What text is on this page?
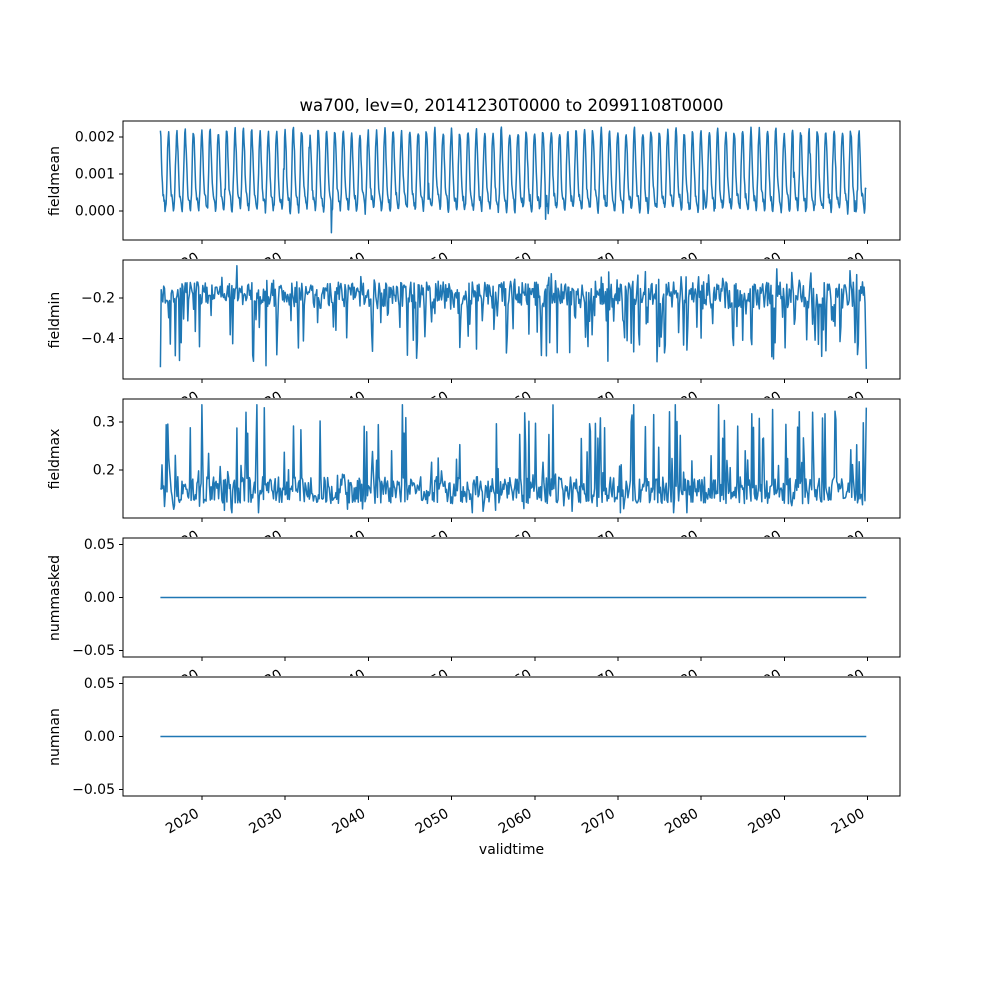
wa700, lev=0, 20141230T0000 to 20991108T0000
0.002
0.001
0.000
−0.2
−0.4
0.3
0.2
0.05
0.00
−0.05
0.05
0.00
−0.05
2020	2030	2040	2050	2060	2070	2080	2090	2100
fieldmean
fieldmin
fieldmax
nummasked
numnan
validtime
